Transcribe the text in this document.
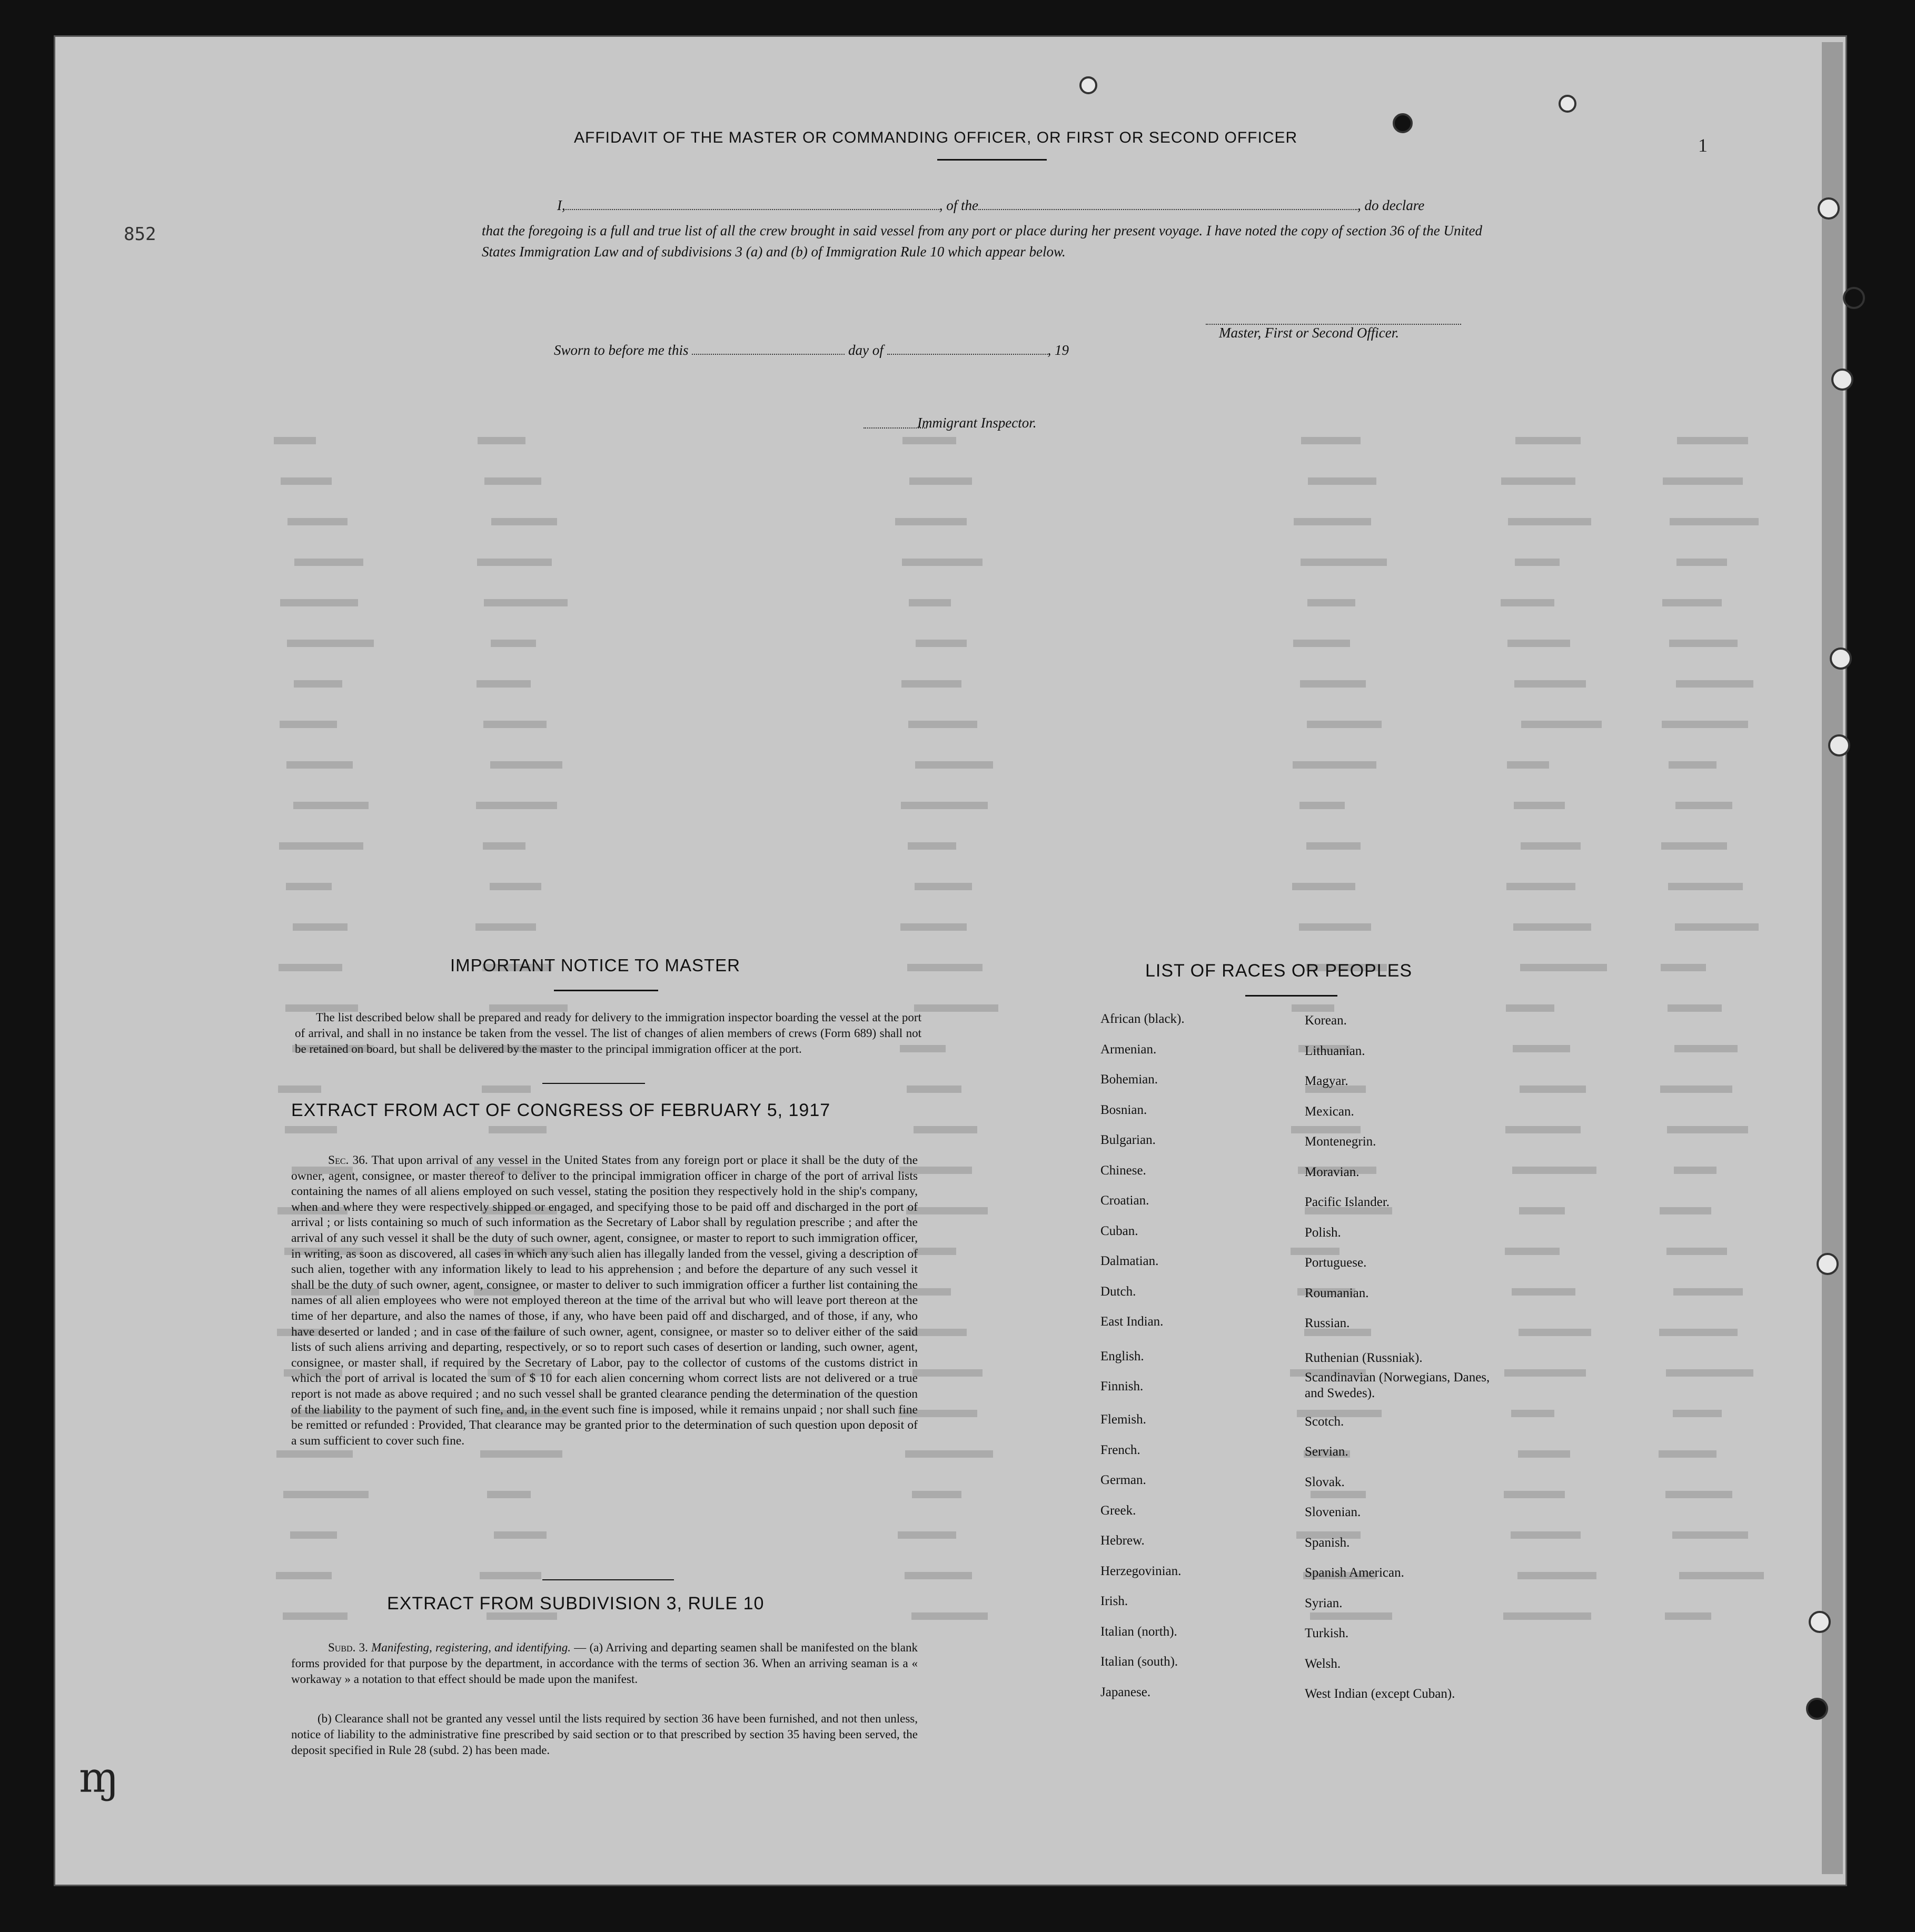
852
ɱ
1
AFFIDAVIT OF THE MASTER OR COMMANDING OFFICER, OR FIRST OR SECOND OFFICER
I,	, of the	, do declare
that the foregoing is a full and true list of all the crew brought in said vessel from any port or place during her present voyage. I have noted the copy of section 36 of the United States Immigration Law and of subdivisions 3 (a) and (b) of Immigration Rule 10 which appear below.
Master, First or Second Officer.
Sworn to before me this	day of	, 19
Immigrant Inspector.
IMPORTANT NOTICE TO MASTER
The list described below shall be prepared and ready for delivery to the immigration inspector boarding the vessel at the port of arrival, and shall in no instance be taken from the vessel. The list of changes of alien members of crews (Form 689) shall not be retained on board, but shall be delivered by the master to the principal immigration officer at the port.
EXTRACT FROM ACT OF CONGRESS OF FEBRUARY 5, 1917
Sec. 36. That upon arrival of any vessel in the United States from any foreign port or place it shall be the duty of the owner, agent, consignee, or master thereof to deliver to the principal immigration officer in charge of the port of arrival lists containing the names of all aliens employed on such vessel, stating the position they respectively hold in the ship's company, when and where they were respectively shipped or engaged, and specifying those to be paid off and discharged in the port of arrival ; or lists containing so much of such information as the Secretary of Labor shall by regulation prescribe ; and after the arrival of any such vessel it shall be the duty of such owner, agent, consignee, or master to report to such immigration officer, in writing, as soon as discovered, all cases in which any such alien has illegally landed from the vessel, giving a description of such alien, together with any information likely to lead to his apprehension ; and before the departure of any such vessel it shall be the duty of such owner, agent, consignee, or master to deliver to such immigration officer a further list containing the names of all alien employees who were not employed thereon at the time of the arrival but who will leave port thereon at the time of her departure, and also the names of those, if any, who have been paid off and discharged, and of those, if any, who have deserted or landed ; and in case of the failure of such owner, agent, consignee, or master so to deliver either of the said lists of such aliens arriving and departing, respectively, or so to report such cases of desertion or landing, such owner, agent, consignee, or master shall, if required by the Secretary of Labor, pay to the collector of customs of the customs district in which the port of arrival is located the sum of $ 10 for each alien concerning whom correct lists are not delivered or a true report is not made as above required ; and no such vessel shall be granted clearance pending the determination of the question of the liability to the payment of such fine, and, in the event such fine is imposed, while it remains unpaid ; nor shall such fine be remitted or refunded : Provided, That clearance may be granted prior to the determination of such question upon deposit of a sum sufficient to cover such fine.
EXTRACT FROM SUBDIVISION 3, RULE 10
Subd. 3. Manifesting, registering, and identifying. — (a) Arriving and departing seamen shall be manifested on the blank forms provided for that purpose by the department, in accordance with the terms of section 36. When an arriving seaman is a « workaway » a notation to that effect should be made upon the manifest.
(b) Clearance shall not be granted any vessel until the lists required by section 36 have been furnished, and not then unless, notice of liability to the administrative fine prescribed by said section or to that prescribed by section 35 having been served, the deposit specified in Rule 28 (subd. 2) has been made.
LIST OF RACES OR PEOPLES
African (black).
Armenian.
Bohemian.
Bosnian.
Bulgarian.
Chinese.
Croatian.
Cuban.
Dalmatian.
Dutch.
East Indian.
English.
Finnish.
Flemish.
French.
German.
Greek.
Hebrew.
Herzegovinian.
Irish.
Italian (north).
Italian (south).
Japanese.
Korean.
Lithuanian.
Magyar.
Mexican.
Montenegrin.
Moravian.
Pacific Islander.
Polish.
Portuguese.
Roumanian.
Russian.
Ruthenian (Russniak).
Scandinavian (Norwegians, Danes, and Swedes).
Scotch.
Servian.
Slovak.
Slovenian.
Spanish.
Spanish American.
Syrian.
Turkish.
Welsh.
West Indian (except Cuban).
